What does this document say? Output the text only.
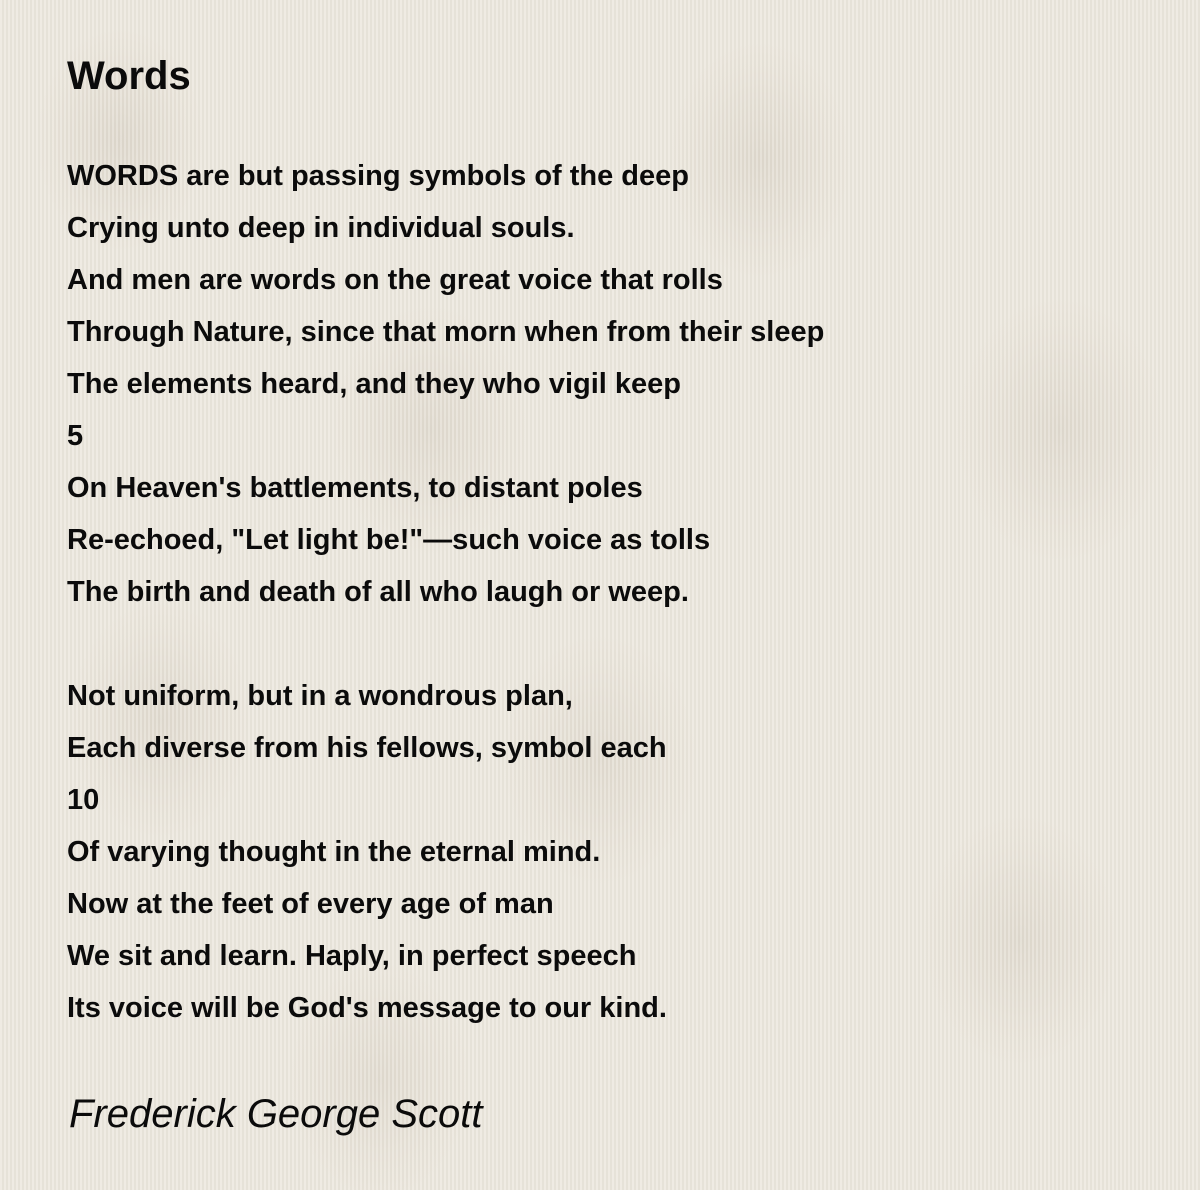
Words
WORDS are but passing symbols of the deep
Crying unto deep in individual souls.
And men are words on the great voice that rolls
Through Nature, since that morn when from their sleep
The elements heard, and they who vigil keep
5
On Heaven's battlements, to distant poles
Re-echoed, "Let light be!"—such voice as tolls
The birth and death of all who laugh or weep.
Not uniform, but in a wondrous plan,
Each diverse from his fellows, symbol each
10
Of varying thought in the eternal mind.
Now at the feet of every age of man
We sit and learn. Haply, in perfect speech
Its voice will be God's message to our kind.

Frederick George Scott
